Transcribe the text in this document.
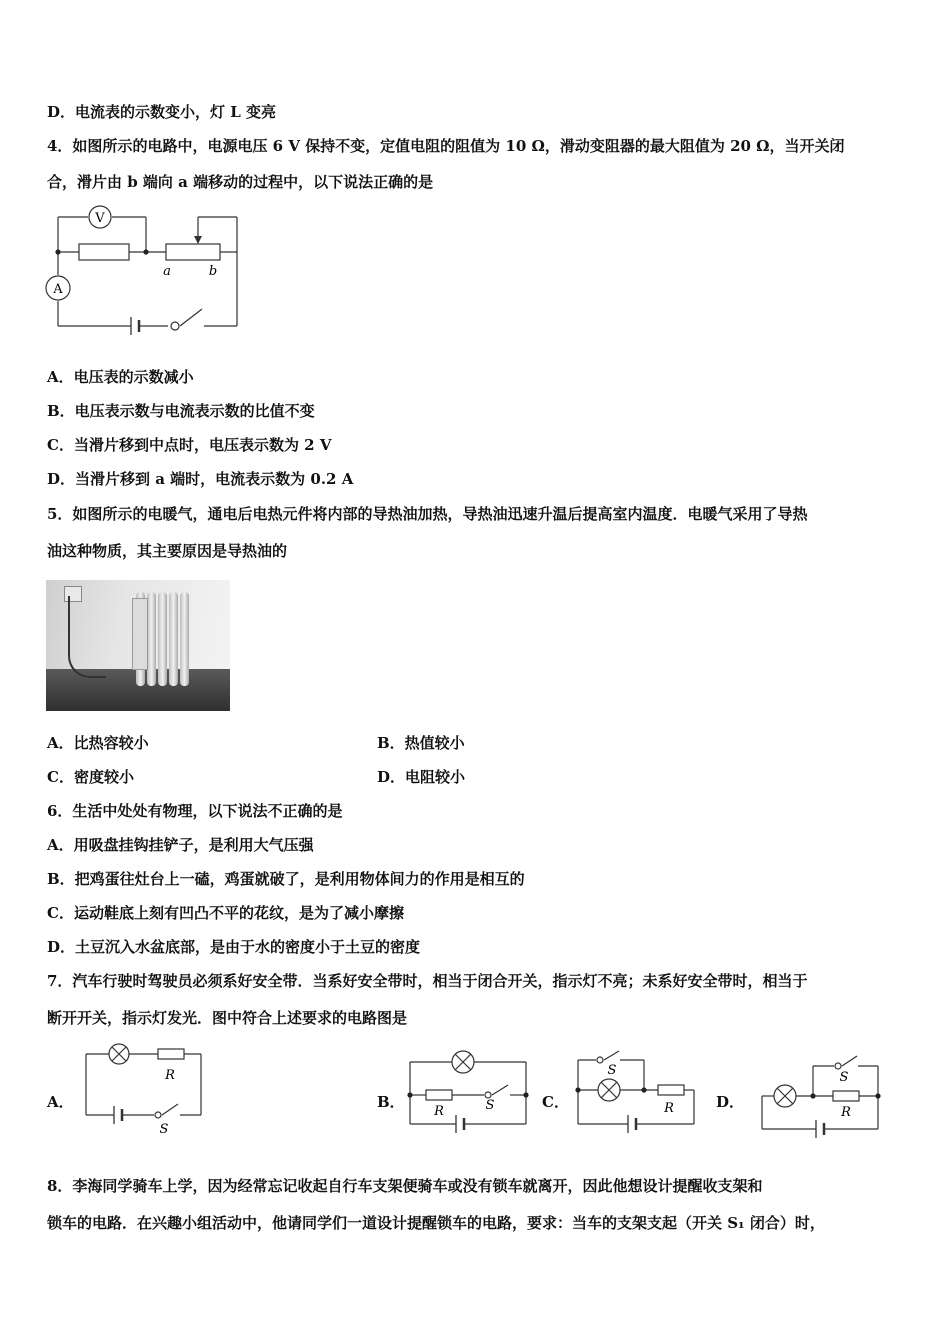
D．电流表的示数变小，灯 L 变亮
4．如图所示的电路中，电源电压 6 V 保持不变，定值电阻的阻值为 10 Ω，滑动变阻器的最大阻值为 20 Ω，当开关闭
合，滑片由 b 端向 a 端移动的过程中，以下说法正确的是
V
A
a	b
A．电压表的示数减小
B．电压表示数与电流表示数的比值不变
C．当滑片移到中点时，电压表示数为 2 V
D．当滑片移到 a 端时，电流表示数为 0.2 A
5．如图所示的电暖气，通电后电热元件将内部的导热油加热，导热油迅速升温后提高室内温度．电暖气采用了导热
油这种物质，其主要原因是导热油的
A．比热容较小	B．热值较小
C．密度较小	D．电阻较小
6．生活中处处有物理，以下说法不正确的是
A．用吸盘挂钩挂铲子，是利用大气压强
B．把鸡蛋往灶台上一磕，鸡蛋就破了，是利用物体间力的作用是相互的
C．运动鞋底上刻有凹凸不平的花纹，是为了减小摩擦
D．土豆沉入水盆底部，是由于水的密度小于土豆的密度
7．汽车行驶时驾驶员必须系好安全带．当系好安全带时，相当于闭合开关，指示灯不亮；未系好安全带时，相当于
断开开关，指示灯发光．图中符合上述要求的电路图是
A．	B．	C．	D．
R
S
R	S	R
S
R
S
8．李海同学骑车上学，因为经常忘记收起自行车支架便骑车或没有锁车就离开，因此他想设计提醒收支架和
锁车的电路．在兴趣小组活动中，他请同学们一道设计提醒锁车的电路，要求：当车的支架支起（开关 S₁ 闭合）时，
